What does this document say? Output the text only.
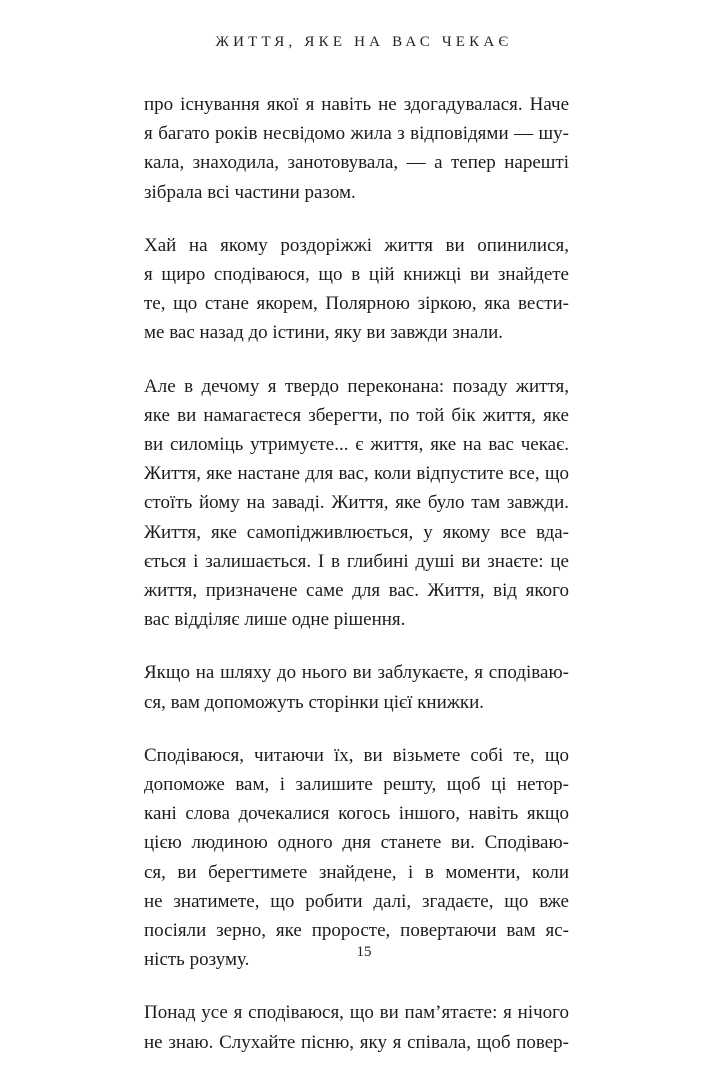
ЖИТТЯ, ЯКЕ НА ВАС ЧЕКАЄ
про існування якої я навіть не здогадувалася. Наче
я багато років несвідомо жила з відповідями — шу-
кала, знаходила, занотовувала, — а тепер нарешті
зібрала всі частини разом.
Хай на якому роздоріжжі життя ви опинилися,
я щиро сподіваюся, що в цій книжці ви знайдете
те, що стане якорем, Полярною зіркою, яка вести-
ме вас назад до істини, яку ви завжди знали.
Але в дечому я твердо переконана: позаду життя,
яке ви намагаєтеся зберегти, по той бік життя, яке
ви силоміць утримуєте... є життя, яке на вас чекає.
Життя, яке настане для вас, коли відпустите все, що
стоїть йому на заваді. Життя, яке було там завжди.
Життя, яке самопідживлюється, у якому все вда-
ється і залишається. І в глибині душі ви знаєте: це
життя, призначене саме для вас. Життя, від якого
вас відділяє лише одне рішення.
Якщо на шляху до нього ви заблукаєте, я сподіваю-
ся, вам допоможуть сторінки цієї книжки.
Сподіваюся, читаючи їх, ви візьмете собі те, що
допоможе вам, і залишите решту, щоб ці нетор-
кані слова дочекалися когось іншого, навіть якщо
цією людиною одного дня станете ви. Сподіваю-
ся, ви берегтимете знайдене, і в моменти, коли
не знатимете, що робити далі, згадаєте, що вже
посіяли зерно, яке проросте, повертаючи вам яс-
ність розуму.
Понад усе я сподіваюся, що ви пам’ятаєте: я нічого
не знаю. Слухайте пісню, яку я співала, щоб повер-
15
